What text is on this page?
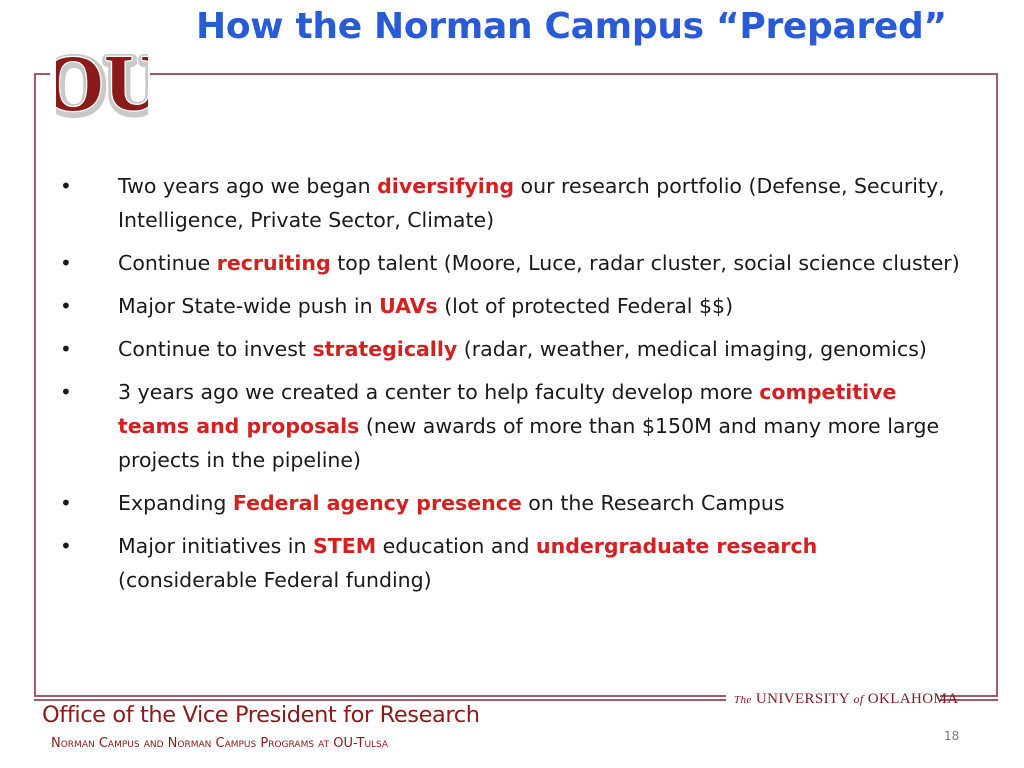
OU
OU
How the Norman Campus “Prepared”
•	Two years ago we began diversifying our research portfolio (Defense, Security, Intelligence, Private Sector, Climate)
•	Continue recruiting top talent (Moore, Luce, radar cluster, social science cluster)
•	Major State-wide push in UAVs (lot of protected Federal $$)
•	Continue to invest strategically (radar, weather, medical imaging, genomics)
•	3 years ago we created a center to help faculty develop more competitive teams and proposals (new awards of more than $150M and many more large projects in the pipeline)
•	Expanding Federal agency presence on the Research Campus
•	Major initiatives in STEM education and undergraduate research (considerable Federal funding)
The UNIVERSITY of OKLAHOMA
Office of the Vice President for Research

Norman Campus and Norman Campus Programs at OU-Tulsa	18
